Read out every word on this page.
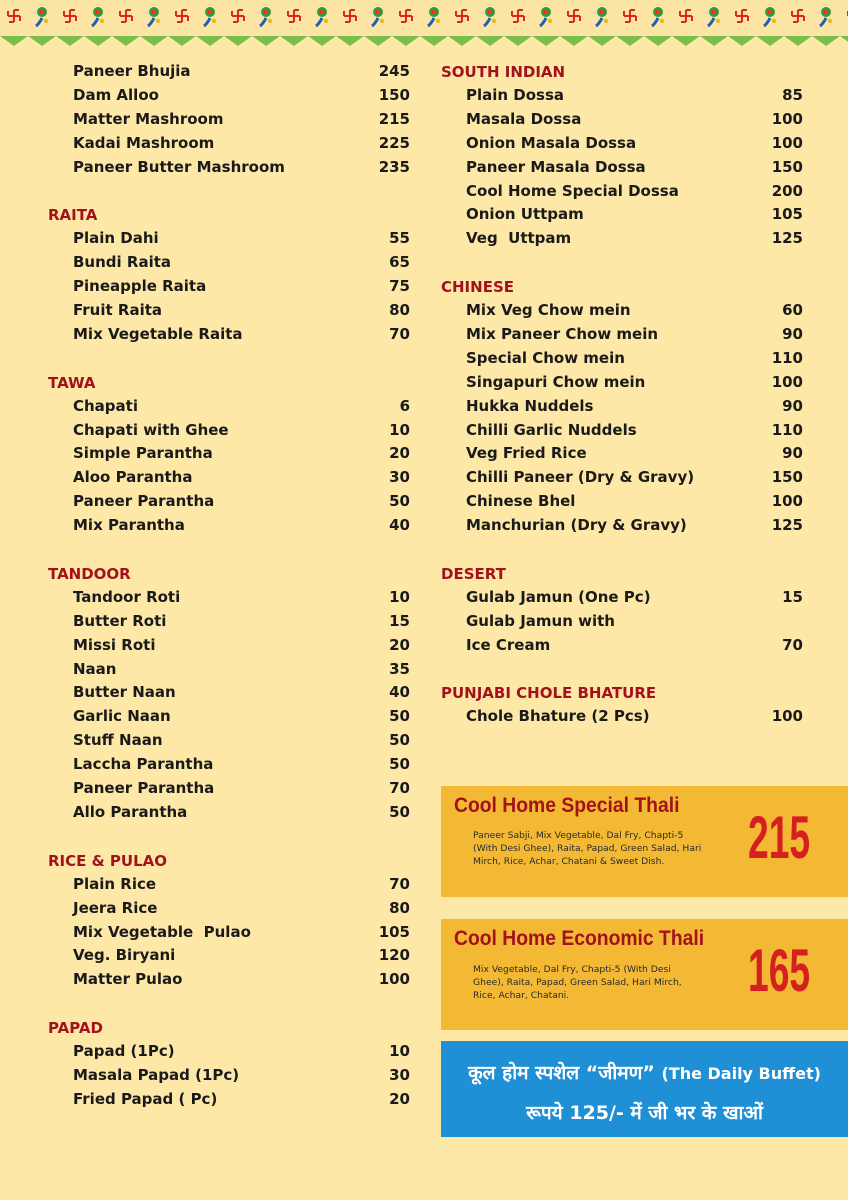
Paneer Bhujia	245
Dam Alloo	150
Matter Mashroom	215
Kadai Mashroom	225
Paneer Butter Mashroom	235
RAITA
Plain Dahi	55
Bundi Raita	65
Pineapple Raita	75
Fruit Raita	80
Mix Vegetable Raita	70
TAWA
Chapati	6
Chapati with Ghee	10
Simple Parantha	20
Aloo Parantha	30
Paneer Parantha	50
Mix Parantha	40
TANDOOR
Tandoor Roti	10
Butter Roti	15
Missi Roti	20
Naan	35
Butter Naan	40
Garlic Naan	50
Stuff Naan	50
Laccha Parantha	50
Paneer Parantha	70
Allo Parantha	50
RICE & PULAO
Plain Rice	70
Jeera Rice	80
Mix Vegetable  Pulao	105
Veg. Biryani	120
Matter Pulao	100
PAPAD
Papad (1Pc)	10
Masala Papad (1Pc)	30
Fried Papad ( Pc)	20
SOUTH INDIAN
Plain Dossa	85
Masala Dossa	100
Onion Masala Dossa	100
Paneer Masala Dossa	150
Cool Home Special Dossa	200
Onion Uttpam	105
Veg  Uttpam	125
CHINESE
Mix Veg Chow mein	60
Mix Paneer Chow mein	90
Special Chow mein	110
Singapuri Chow mein	100
Hukka Nuddels	90
Chilli Garlic Nuddels	110
Veg Fried Rice	90
Chilli Paneer (Dry & Gravy)	150
Chinese Bhel	100
Manchurian (Dry & Gravy)	125
DESERT
Gulab Jamun (One Pc)	15
Gulab Jamun with
Ice Cream	70
PUNJABI CHOLE BHATURE
Chole Bhature (2 Pcs)	100
Cool Home Special Thali
Paneer Sabji, Mix Vegetable, Dal Fry, Chapti-5 (With Desi Ghee), Raita, Papad, Green Salad, Hari Mirch, Rice, Achar, Chatani & Sweet Dish.	215
Cool Home Economic Thali
Mix Vegetable, Dal Fry, Chapti-5 (With Desi Ghee), Raita, Papad, Green Salad, Hari Mirch, Rice, Achar, Chatani.	165
कूल होम स्पशेल “जीमण” (The Daily Buffet)
रूपये 125/- में जी भर के खाओं
